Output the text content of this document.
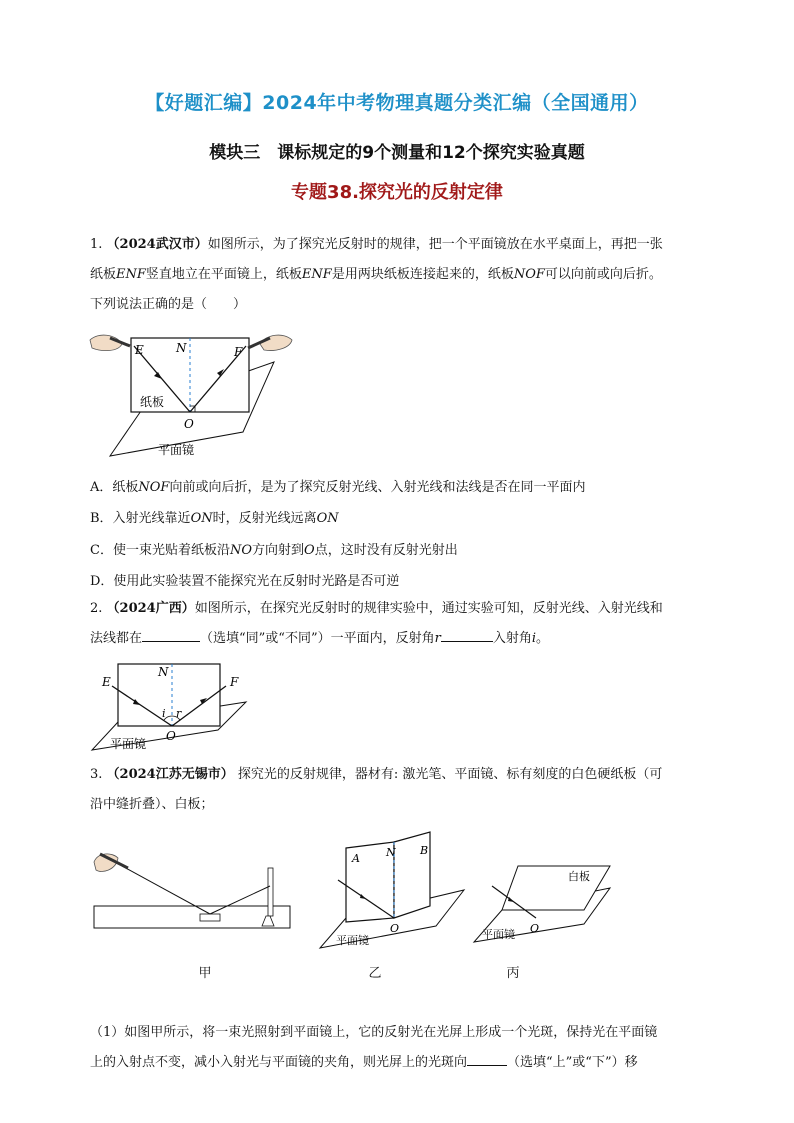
【好题汇编】2024年中考物理真题分类汇编（全国通用）
模块三　课标规定的9个测量和12个探究实验真题
专题38.探究光的反射定律
1. （2024武汉市）如图所示，为了探究光反射时的规律，把一个平面镜放在水平桌面上，再把一张
纸板ENF竖直地立在平面镜上，纸板ENF是用两块纸板连接起来的，纸板NOF可以向前或向后折。
下列说法正确的是（　　）
E	N	F
O
纸板
平面镜
A．纸板NOF向前或向后折，是为了探究反射光线、入射光线和法线是否在同一平面内
B．入射光线靠近ON时，反射光线远离ON
C．使一束光贴着纸板沿NO方向射到O点，这时没有反射光射出
D．使用此实验装置不能探究光在反射时光路是否可逆
2. （2024广西）如图所示，在探究光反射时的规律实验中，通过实验可知，反射光线、入射光线和
法线都在	（选填“同”或“不同”）一平面内，反射角r	入射角i。
E
N
F
i r
O
平面镜
3. （2024江苏无锡市） 探究光的反射规律，器材有: 激光笔、平面镜、标有刻度的白色硬纸板（可
沿中缝折叠）、白板；
甲
A N B
O
平面镜
乙
白板
O
平面镜
丙
（1）如图甲所示，将一束光照射到平面镜上，它的反射光在光屏上形成一个光斑，保持光在平面镜
上的入射点不变，减小入射光与平面镜的夹角，则光屏上的光斑向	（选填“上”或“下”）移
